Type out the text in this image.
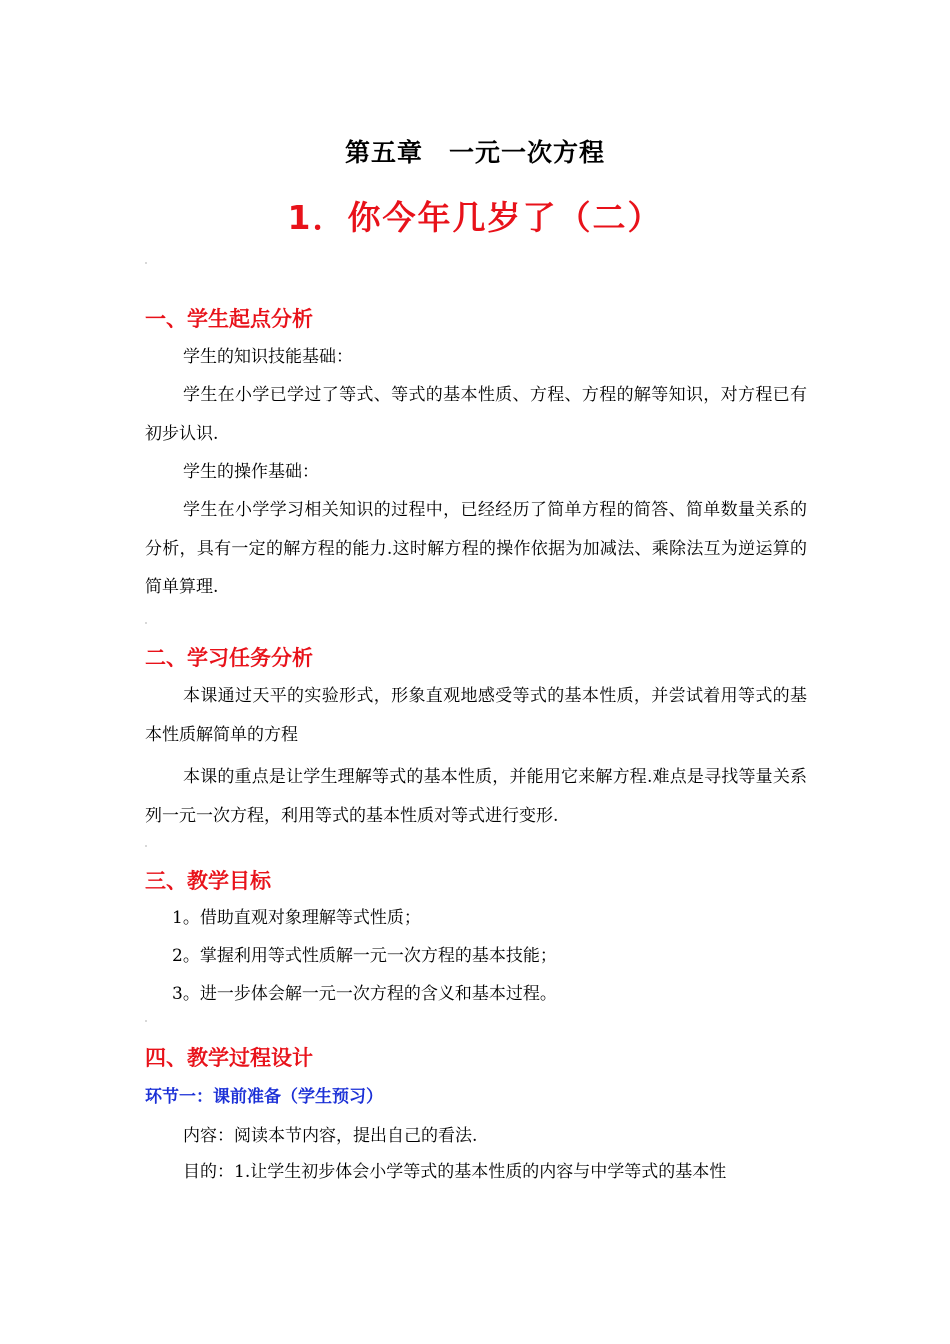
第五章　一元一次方程
1．你今年几岁了（二）
一、学生起点分析
学生的知识技能基础：

学生在小学已学过了等式、等式的基本性质、方程、方程的解等知识，对方程已有初步认识.

学生的操作基础：

学生在小学学习相关知识的过程中，已经经历了简单方程的简答、简单数量关系的分析，具有一定的解方程的能力.这时解方程的操作依据为加减法、乘除法互为逆运算的简单算理.

二、学习任务分析

本课通过天平的实验形式，形象直观地感受等式的基本性质，并尝试着用等式的基本性质解简单的方程

本课的重点是让学生理解等式的基本性质，并能用它来解方程.难点是寻找等量关系列一元一次方程，利用等式的基本性质对等式进行变形.

三、教学目标
1。借助直观对象理解等式性质；
2。掌握利用等式性质解一元一次方程的基本技能；
3。进一步体会解一元一次方程的含义和基本过程。
四、教学过程设计
环节一：课前准备（学生预习）
内容：阅读本节内容，提出自己的看法.
目的：1.让学生初步体会小学等式的基本性质的内容与中学等式的基本性
